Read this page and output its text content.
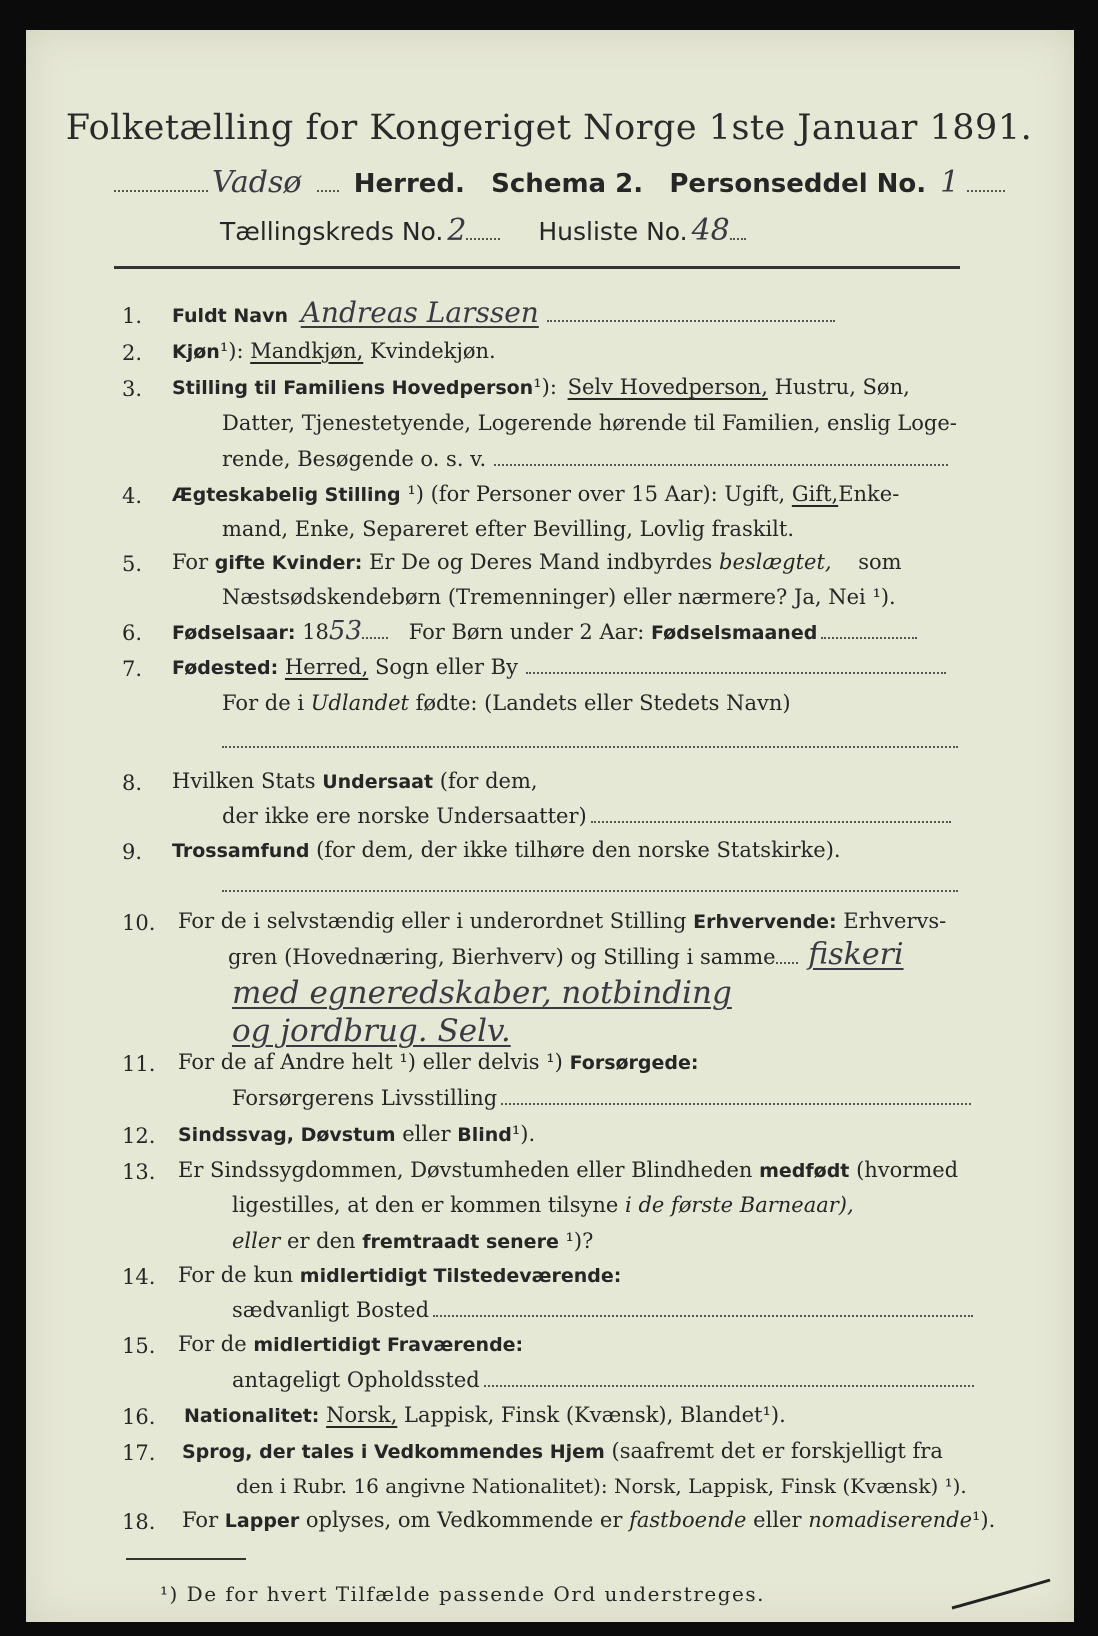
Folketælling for Kongeriget Norge 1ste Januar 1891.
Vadsø Herred. Schema 2. Personseddel No. 1
Tællingskreds No. 2	Husliste No. 48
1.
2.
3.
4.
5.
6.
7.
8.
9.
10.
11.
12.
13.
14.
15.
16.
17.
18.
Fuldt Navn Andreas Larssen
Kjøn¹): Mandkjøn, Kvindekjøn.
Stilling til Familiens Hovedperson¹): Selv Hovedperson, Hustru, Søn,
Datter, Tjenestetyende, Logerende hørende til Familien, enslig Loge-
rende, Besøgende o. s. v.
Ægteskabelig Stilling ¹) (for Personer over 15 Aar): Ugift, Gift,Enke-
mand, Enke, Separeret efter Bevilling, Lovlig fraskilt.
For gifte Kvinder: Er De og Deres Mand indbyrdes beslægtet, som
Næstsødskendebørn (Tremenninger) eller nærmere? Ja, Nei ¹).
Fødselsaar: 1853 For Børn under 2 Aar: Fødselsmaaned
Fødested: Herred, Sogn eller By
For de i Udlandet fødte: (Landets eller Stedets Navn)
Hvilken Stats Undersaat (for dem,
der ikke ere norske Undersaatter)
Trossamfund (for dem, der ikke tilhøre den norske Statskirke).
For de i selvstændig eller i underordnet Stilling Erhvervende: Erhvervs-
gren (Hovednæring, Bierhverv) og Stilling i samme fiskeri
med egneredskaber, notbinding
og jordbrug. Selv.
For de af Andre helt ¹) eller delvis ¹) Forsørgede:
Forsørgerens Livsstilling
Sindssvag, Døvstum eller Blind¹).
Er Sindssygdommen, Døvstumheden eller Blindheden medfødt (hvormed
ligestilles, at den er kommen tilsyne i de første Barneaar),
eller er den fremtraadt senere ¹)?
For de kun midlertidigt Tilstedeværende:
sædvanligt Bosted
For de midlertidigt Fraværende:
antageligt Opholdssted
Nationalitet: Norsk, Lappisk, Finsk (Kvænsk), Blandet¹).
Sprog, der tales i Vedkommendes Hjem (saafremt det er forskjelligt fra
den i Rubr. 16 angivne Nationalitet): Norsk, Lappisk, Finsk (Kvænsk) ¹).
For Lapper oplyses, om Vedkommende er fastboende eller nomadiserende¹).
¹) De for hvert Tilfælde passende Ord understreges.
